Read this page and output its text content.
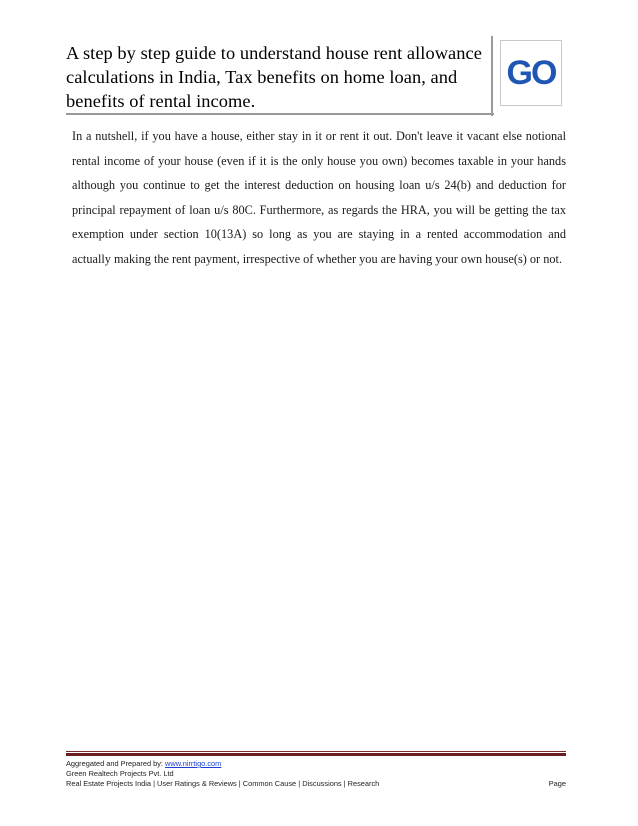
A step by step guide to understand house rent allowance calculations in India, Tax benefits on home loan, and benefits of rental income.
GO
In a nutshell, if you have a house, either stay in it or rent it out. Don't leave it vacant else notional rental income of your house (even if it is the only house you own) becomes taxable in your hands although you continue to get the interest deduction on housing loan u/s 24(b) and deduction for principal repayment of loan u/s 80C. Furthermore, as regards the HRA, you will be getting the tax exemption under section 10(13A) so long as you are staying in a rented accommodation and actually making the rent payment, irrespective of whether you are having your own house(s) or not.
Aggregated and Prepared by: www.nirrtigo.com
Green Realtech Projects Pvt. Ltd
Real Estate Projects India | User Ratings & Reviews | Common Cause | Discussions | Research	Page
